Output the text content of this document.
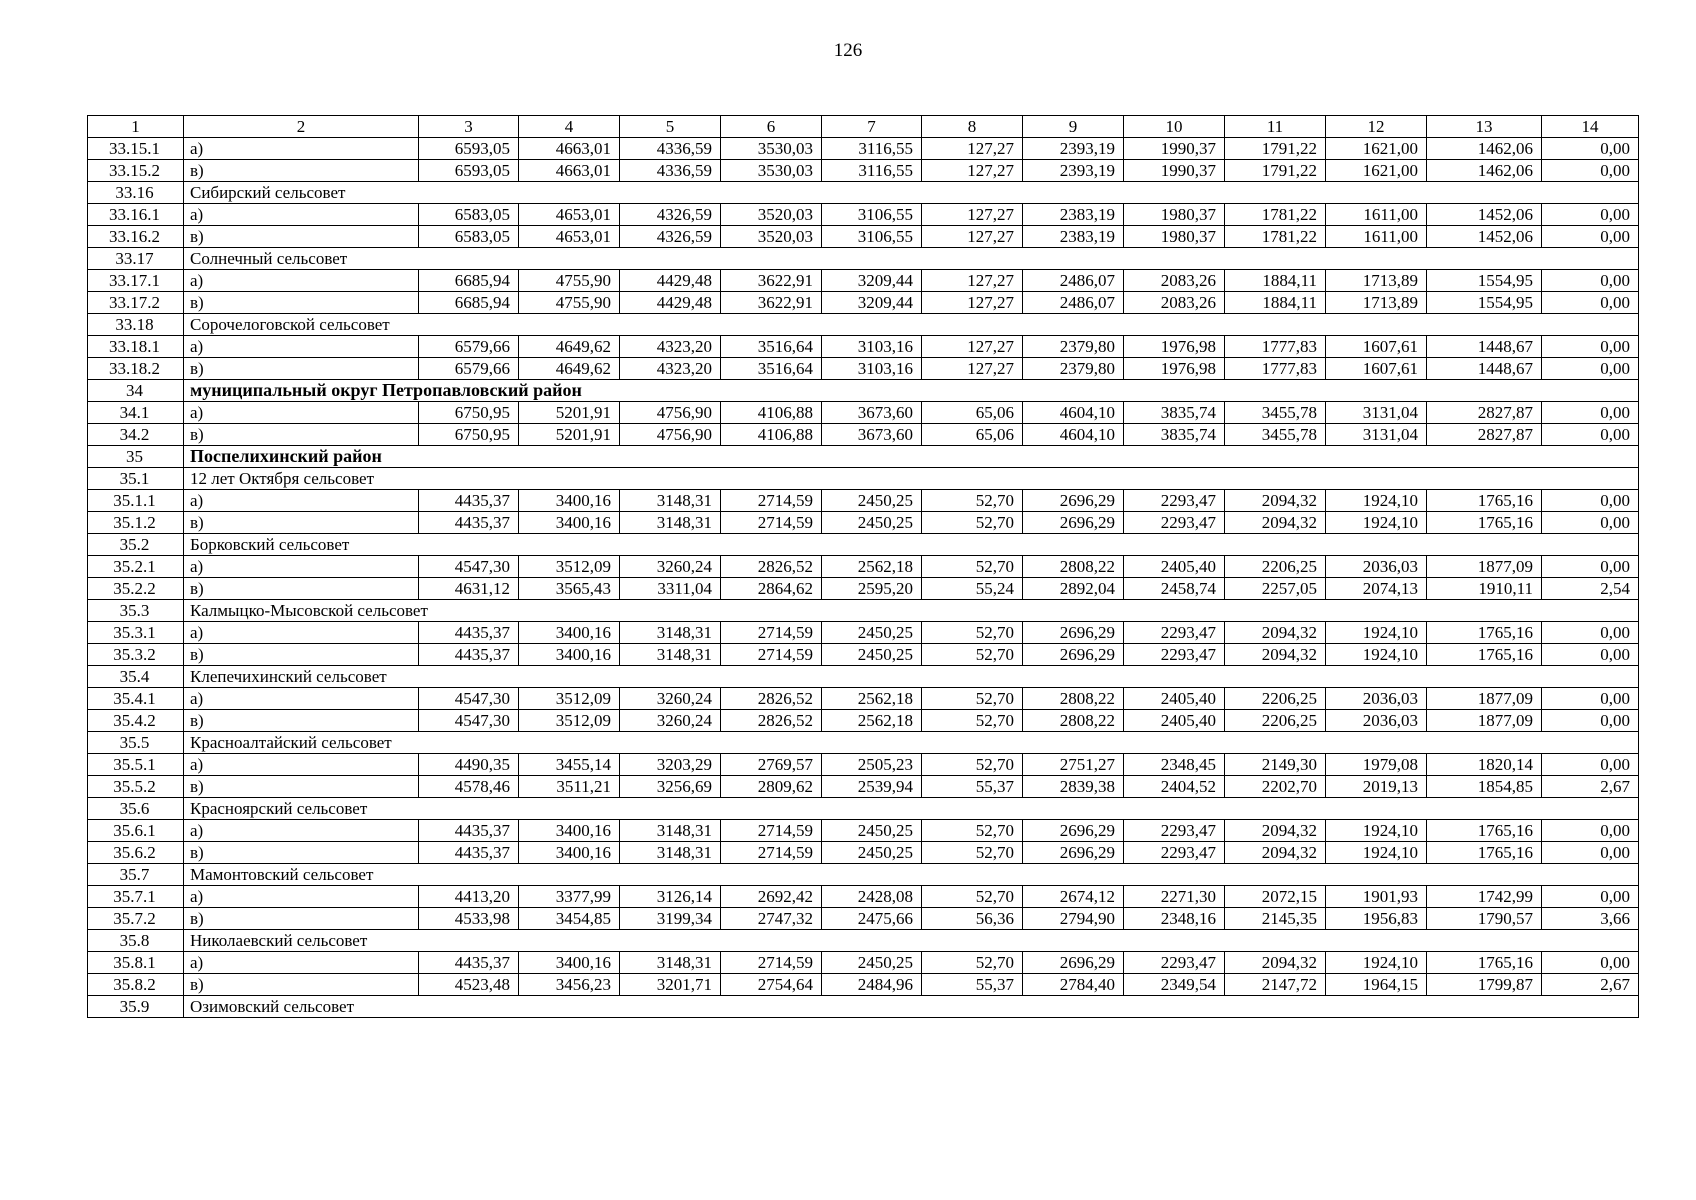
126
1	2	3	4	5	6	7	8	9	10	11	12	13	14
33.15.1	а)	6593,05	4663,01	4336,59	3530,03	3116,55	127,27	2393,19	1990,37	1791,22	1621,00	1462,06	0,00
33.15.2	в)	6593,05	4663,01	4336,59	3530,03	3116,55	127,27	2393,19	1990,37	1791,22	1621,00	1462,06	0,00
33.16	Сибирский сельсовет												
33.16.1	а)	6583,05	4653,01	4326,59	3520,03	3106,55	127,27	2383,19	1980,37	1781,22	1611,00	1452,06	0,00
33.16.2	в)	6583,05	4653,01	4326,59	3520,03	3106,55	127,27	2383,19	1980,37	1781,22	1611,00	1452,06	0,00
33.17	Солнечный сельсовет												
33.17.1	а)	6685,94	4755,90	4429,48	3622,91	3209,44	127,27	2486,07	2083,26	1884,11	1713,89	1554,95	0,00
33.17.2	в)	6685,94	4755,90	4429,48	3622,91	3209,44	127,27	2486,07	2083,26	1884,11	1713,89	1554,95	0,00
33.18	Сорочелоговской сельсовет												
33.18.1	а)	6579,66	4649,62	4323,20	3516,64	3103,16	127,27	2379,80	1976,98	1777,83	1607,61	1448,67	0,00
33.18.2	в)	6579,66	4649,62	4323,20	3516,64	3103,16	127,27	2379,80	1976,98	1777,83	1607,61	1448,67	0,00
34	муниципальный округ Петропавловский район												
34.1	а)	6750,95	5201,91	4756,90	4106,88	3673,60	65,06	4604,10	3835,74	3455,78	3131,04	2827,87	0,00
34.2	в)	6750,95	5201,91	4756,90	4106,88	3673,60	65,06	4604,10	3835,74	3455,78	3131,04	2827,87	0,00
35	Поспелихинский район												
35.1	12 лет Октября сельсовет												
35.1.1	а)	4435,37	3400,16	3148,31	2714,59	2450,25	52,70	2696,29	2293,47	2094,32	1924,10	1765,16	0,00
35.1.2	в)	4435,37	3400,16	3148,31	2714,59	2450,25	52,70	2696,29	2293,47	2094,32	1924,10	1765,16	0,00
35.2	Борковский сельсовет												
35.2.1	а)	4547,30	3512,09	3260,24	2826,52	2562,18	52,70	2808,22	2405,40	2206,25	2036,03	1877,09	0,00
35.2.2	в)	4631,12	3565,43	3311,04	2864,62	2595,20	55,24	2892,04	2458,74	2257,05	2074,13	1910,11	2,54
35.3	Калмыцко-Мысовской сельсовет												
35.3.1	а)	4435,37	3400,16	3148,31	2714,59	2450,25	52,70	2696,29	2293,47	2094,32	1924,10	1765,16	0,00
35.3.2	в)	4435,37	3400,16	3148,31	2714,59	2450,25	52,70	2696,29	2293,47	2094,32	1924,10	1765,16	0,00
35.4	Клепечихинский сельсовет												
35.4.1	а)	4547,30	3512,09	3260,24	2826,52	2562,18	52,70	2808,22	2405,40	2206,25	2036,03	1877,09	0,00
35.4.2	в)	4547,30	3512,09	3260,24	2826,52	2562,18	52,70	2808,22	2405,40	2206,25	2036,03	1877,09	0,00
35.5	Красноалтайский сельсовет												
35.5.1	а)	4490,35	3455,14	3203,29	2769,57	2505,23	52,70	2751,27	2348,45	2149,30	1979,08	1820,14	0,00
35.5.2	в)	4578,46	3511,21	3256,69	2809,62	2539,94	55,37	2839,38	2404,52	2202,70	2019,13	1854,85	2,67
35.6	Красноярский сельсовет												
35.6.1	а)	4435,37	3400,16	3148,31	2714,59	2450,25	52,70	2696,29	2293,47	2094,32	1924,10	1765,16	0,00
35.6.2	в)	4435,37	3400,16	3148,31	2714,59	2450,25	52,70	2696,29	2293,47	2094,32	1924,10	1765,16	0,00
35.7	Мамонтовский сельсовет												
35.7.1	а)	4413,20	3377,99	3126,14	2692,42	2428,08	52,70	2674,12	2271,30	2072,15	1901,93	1742,99	0,00
35.7.2	в)	4533,98	3454,85	3199,34	2747,32	2475,66	56,36	2794,90	2348,16	2145,35	1956,83	1790,57	3,66
35.8	Николаевский сельсовет												
35.8.1	а)	4435,37	3400,16	3148,31	2714,59	2450,25	52,70	2696,29	2293,47	2094,32	1924,10	1765,16	0,00
35.8.2	в)	4523,48	3456,23	3201,71	2754,64	2484,96	55,37	2784,40	2349,54	2147,72	1964,15	1799,87	2,67
35.9	Озимовский сельсовет												
